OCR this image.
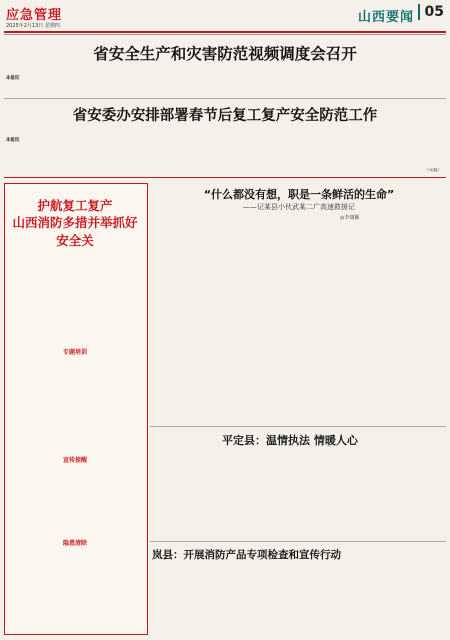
应急管理
2025年2月13日 星期四
山西要闻 05
省安全生产和灾害防范视频调度会召开
本报讯
省安委办安排部署春节后复工复产安全防范工作
本报讯
（宋鑫）
护航复工复产
山西消防多措并举抓好安全关
专题培训
宣传提醒
隐患清除
“什么都没有想，职是一条鲜活的生命”
——记某县小伙武某二广高速救援记
◎李康颖
平定县：温情执法 情暖人心
岚县：开展消防产品专项检查和宣传行动
